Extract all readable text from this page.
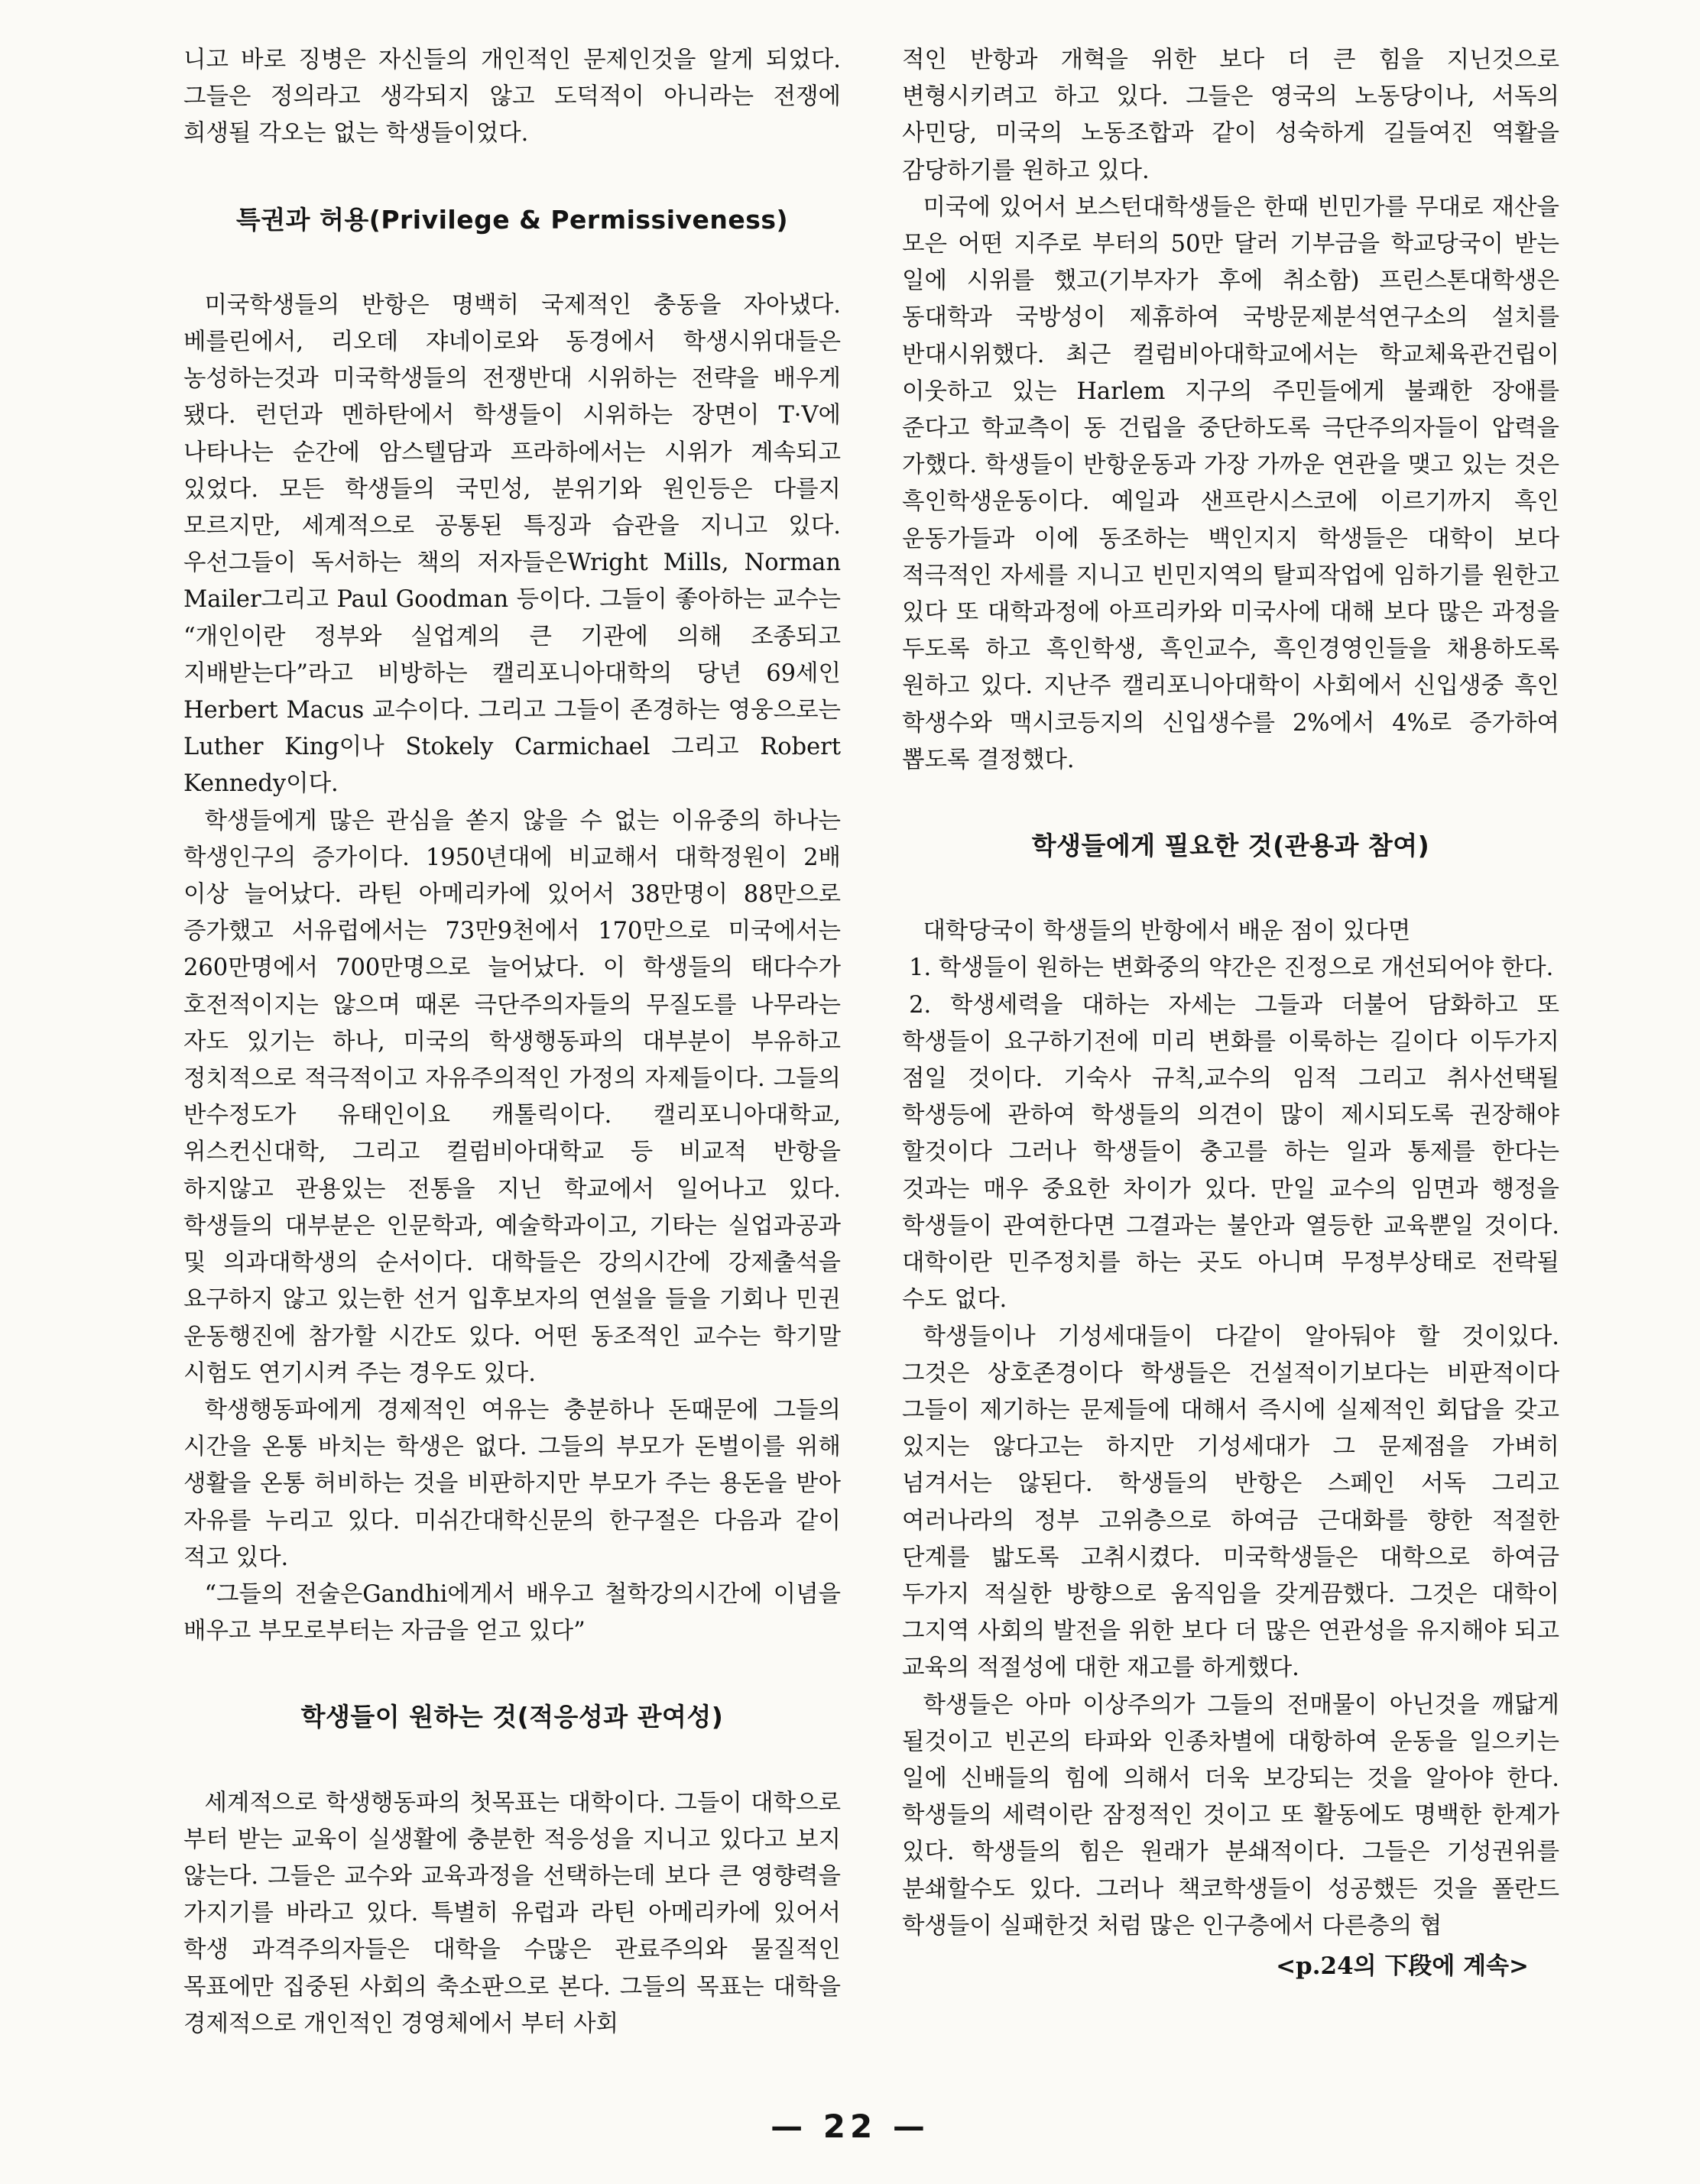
니고 바로 징병은 자신들의 개인적인 문제인것을 알게 되었다. 그들은 정의라고 생각되지 않고 도덕적이 아니라는 전쟁에 희생될 각오는 없는 학생들이었다.

특권과 허용(Privilege & Permissiveness)

미국학생들의 반항은 명백히 국제적인 충동을 자아냈다. 베를린에서, 리오데 쟈네이로와 동경에서 학생시위대들은 농성하는것과 미국학생들의 전쟁반대 시위하는 전략을 배우게 됐다. 런던과 멘하탄에서 학생들이 시위하는 장면이 T·V에 나타나는 순간에 암스텔담과 프라하에서는 시위가 계속되고 있었다. 모든 학생들의 국민성, 분위기와 원인등은 다를지 모르지만, 세계적으로 공통된 특징과 습관을 지니고 있다. 우선그들이 독서하는 책의 저자들은Wright Mills, Norman Mailer그리고 Paul Goodman 등이다. 그들이 좋아하는 교수는 “개인이란 정부와 실업계의 큰 기관에 의해 조종되고 지배받는다”라고 비방하는 캘리포니아대학의 당년 69세인 Herbert Macus 교수이다. 그리고 그들이 존경하는 영웅으로는 Luther King이나 Stokely Carmichael 그리고 Robert Kennedy이다.

학생들에게 많은 관심을 쏟지 않을 수 없는 이유중의 하나는 학생인구의 증가이다. 1950년대에 비교해서 대학정원이 2배 이상 늘어났다. 라틴 아메리카에 있어서 38만명이 88만으로 증가했고 서유럽에서는 73만9천에서 170만으로 미국에서는 260만명에서 700만명으로 늘어났다. 이 학생들의 태다수가 호전적이지는 않으며 때론 극단주의자들의 무질도를 나무라는 자도 있기는 하나, 미국의 학생행동파의 대부분이 부유하고 정치적으로 적극적이고 자유주의적인 가정의 자제들이다. 그들의 반수정도가 유태인이요 캐톨릭이다. 캘리포니아대학교, 위스컨신대학, 그리고 컬럼비아대학교 등 비교적 반항을 하지않고 관용있는 전통을 지닌 학교에서 일어나고 있다. 학생들의 대부분은 인문학과, 예술학과이고, 기타는 실업과공과 및 의과대학생의 순서이다. 대학들은 강의시간에 강제출석을 요구하지 않고 있는한 선거 입후보자의 연설을 들을 기회나 민권 운동행진에 참가할 시간도 있다. 어떤 동조적인 교수는 학기말 시험도 연기시켜 주는 경우도 있다.

학생행동파에게 경제적인 여유는 충분하나 돈때문에 그들의 시간을 온통 바치는 학생은 없다. 그들의 부모가 돈벌이를 위해 생활을 온통 허비하는 것을 비판하지만 부모가 주는 용돈을 받아 자유를 누리고 있다. 미쉬간대학신문의 한구절은 다음과 같이 적고 있다.

“그들의 전술은Gandhi에게서 배우고 철학강의시간에 이념을 배우고 부모로부터는 자금을 얻고 있다”

학생들이 원하는 것(적응성과 관여성)

세계적으로 학생행동파의 첫목표는 대학이다. 그들이 대학으로 부터 받는 교육이 실생활에 충분한 적응성을 지니고 있다고 보지 않는다. 그들은 교수와 교육과정을 선택하는데 보다 큰 영향력을 가지기를 바라고 있다. 특별히 유럽과 라틴 아메리카에 있어서 학생 과격주의자들은 대학을 수많은 관료주의와 물질적인 목표에만 집중된 사회의 축소판으로 본다. 그들의 목표는 대학을 경제적으로 개인적인 경영체에서 부터 사회

적인 반항과 개혁을 위한 보다 더 큰 힘을 지닌것으로 변형시키려고 하고 있다. 그들은 영국의 노동당이나, 서독의 사민당, 미국의 노동조합과 같이 성숙하게 길들여진 역활을 감당하기를 원하고 있다.

미국에 있어서 보스턴대학생들은 한때 빈민가를 무대로 재산을 모은 어떤 지주로 부터의 50만 달러 기부금을 학교당국이 받는 일에 시위를 했고(기부자가 후에 취소함) 프린스톤대학생은 동대학과 국방성이 제휴하여 국방문제분석연구소의 설치를 반대시위했다. 최근 컬럼비아대학교에서는 학교체육관건립이 이웃하고 있는 Harlem 지구의 주민들에게 불쾌한 장애를 준다고 학교측이 동 건립을 중단하도록 극단주의자들이 압력을 가했다. 학생들이 반항운동과 가장 가까운 연관을 맺고 있는 것은 흑인학생운동이다. 예일과 샌프란시스코에 이르기까지 흑인 운동가들과 이에 동조하는 백인지지 학생들은 대학이 보다 적극적인 자세를 지니고 빈민지역의 탈피작업에 임하기를 원한고 있다 또 대학과정에 아프리카와 미국사에 대해 보다 많은 과정을 두도록 하고 흑인학생, 흑인교수, 흑인경영인들을 채용하도록 원하고 있다. 지난주 캘리포니아대학이 사회에서 신입생중 흑인 학생수와 맥시코등지의 신입생수를 2%에서 4%로 증가하여 뽑도록 결정했다.

학생들에게 필요한 것(관용과 참여)

대학당국이 학생들의 반항에서 배운 점이 있다면

1. 학생들이 원하는 변화중의 약간은 진정으로 개선되어야 한다.

2. 학생세력을 대하는 자세는 그들과 더불어 담화하고 또 학생들이 요구하기전에 미리 변화를 이룩하는 길이다 이두가지 점일 것이다. 기숙사 규칙,교수의 임적 그리고 취사선택될 학생등에 관하여 학생들의 의견이 많이 제시되도록 권장해야 할것이다 그러나 학생들이 충고를 하는 일과 통제를 한다는 것과는 매우 중요한 차이가 있다. 만일 교수의 임면과 행정을 학생들이 관여한다면 그결과는 불안과 열등한 교육뿐일 것이다.대학이란 민주정치를 하는 곳도 아니며 무정부상태로 전락될 수도 없다.

학생들이나 기성세대들이 다같이 알아둬야 할 것이있다. 그것은 상호존경이다 학생들은 건설적이기보다는 비판적이다 그들이 제기하는 문제들에 대해서 즉시에 실제적인 회답을 갖고 있지는 않다고는 하지만 기성세대가 그 문제점을 가벼히 넘겨서는 않된다. 학생들의 반항은 스페인 서독 그리고 여러나라의 정부 고위층으로 하여금 근대화를 향한 적절한 단계를 밟도록 고취시켰다. 미국학생들은 대학으로 하여금 두가지 적실한 방향으로 움직임을 갖게끔했다. 그것은 대학이 그지역 사회의 발전을 위한 보다 더 많은 연관성을 유지해야 되고 교육의 적절성에 대한 재고를 하게했다.

학생들은 아마 이상주의가 그들의 전매물이 아닌것을 깨닯게 될것이고 빈곤의 타파와 인종차별에 대항하여 운동을 일으키는 일에 신배들의 힘에 의해서 더욱 보강되는 것을 알아야 한다.학생들의 세력이란 잠정적인 것이고 또 활동에도 명백한 한계가 있다. 학생들의 힘은 원래가 분쇄적이다. 그들은 기성권위를 분쇄할수도 있다. 그러나 책코학생들이 성공했든 것을 폴란드 학생들이 실패한것 처럼 많은 인구층에서 다른층의 협

<p.24의 下段에 계속>
— 22 —
